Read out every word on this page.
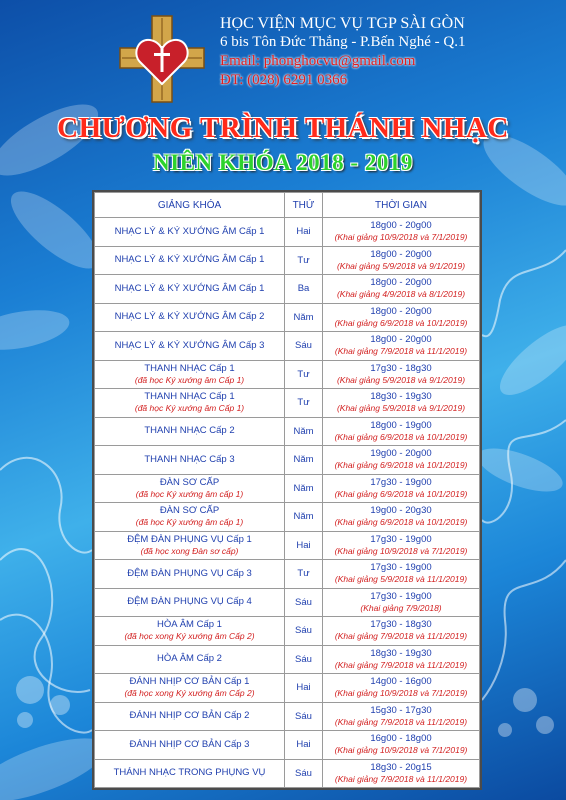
HỌC VIỆN MỤC VỤ TGP SÀI GÒN
6 bis Tôn Đức Thắng - P.Bến Nghé - Q.1
Email: phonghocvu@gmail.com
ĐT: (028) 6291 0366
CHƯƠNG TRÌNH THÁNH NHẠC
NIÊN KHÓA 2018 - 2019
GIẢNG KHÓA	THỨ	THỜI GIAN
NHẠC LÝ & KÝ XƯỚNG ÂM Cấp 1	Hai	18g00 - 20g00
(Khai giảng 10/9/2018 và 7/1/2019)

NHẠC LÝ & KÝ XƯỚNG ÂM Cấp 1	Tư	18g00 - 20g00
(Khai giảng 5/9/2018 và 9/1/2019)

NHẠC LÝ & KÝ XƯỚNG ÂM Cấp 1	Ba	18g00 - 20g00
(Khai giảng 4/9/2018 và 8/1/2019)

NHẠC LÝ & KÝ XƯỚNG ÂM Cấp 2	Năm	18g00 - 20g00
(Khai giảng 6/9/2018 và 10/1/2019)

NHẠC LÝ & KÝ XƯỚNG ÂM Cấp 3	Sáu	18g00 - 20g00
(Khai giảng 7/9/2018 và 11/1/2019)

THANH NHẠC Cấp 1
(đã học Ký xướng âm Cấp 1)	Tư	17g30 - 18g30
(Khai giảng 5/9/2018 và 9/1/2019)

THANH NHẠC Cấp 1
(đã học Ký xướng âm Cấp 1)	Tư	18g30 - 19g30
(Khai giảng 5/9/2018 và 9/1/2019)

THANH NHẠC Cấp 2	Năm	18g00 - 19g00
(Khai giảng 6/9/2018 và 10/1/2019)

THANH NHẠC Cấp 3	Năm	19g00 - 20g00
(Khai giảng 6/9/2018 và 10/1/2019)

ĐÀN SƠ CẤP
(đã học Ký xướng âm cấp 1)	Năm	17g30 - 19g00
(Khai giảng 6/9/2018 và 10/1/2019)

ĐÀN SƠ CẤP
(đã học Ký xướng âm cấp 1)	Năm	19g00 - 20g30
(Khai giảng 6/9/2018 và 10/1/2019)

ĐỆM ĐÀN PHỤNG VỤ Cấp 1
(đã học xong Đàn sơ cấp)	Hai	17g30 - 19g00
(Khai giảng 10/9/2018 và 7/1/2019)

ĐỆM ĐÀN PHỤNG VỤ Cấp 3	Tư	17g30 - 19g00
(Khai giảng 5/9/2018 và 11/1/2019)

ĐỆM ĐÀN PHỤNG VỤ Cấp 4	Sáu	17g30 - 19g00
(Khai giảng 7/9/2018)

HÒA ÂM Cấp 1
(đã học xong Ký xướng âm Cấp 2)	Sáu	17g30 - 18g30
(Khai giảng 7/9/2018 và 11/1/2019)

HÒA ÂM Cấp 2	Sáu	18g30 - 19g30
(Khai giảng 7/9/2018 và 11/1/2019)

ĐÁNH NHỊP CƠ BẢN Cấp 1
(đã học xong Ký xướng âm Cấp 2)	Hai	14g00 - 16g00
(Khai giảng 10/9/2018 và 7/1/2019)

ĐÁNH NHỊP CƠ BẢN Cấp 2	Sáu	15g30 - 17g30
(Khai giảng 7/9/2018 và 11/1/2019)

ĐÁNH NHỊP CƠ BẢN Cấp 3	Hai	16g00 - 18g00
(Khai giảng 10/9/2018 và 7/1/2019)

THÁNH NHẠC TRONG PHỤNG VỤ	Sáu	18g30 - 20g15
(Khai giảng 7/9/2018 và 11/1/2019)
